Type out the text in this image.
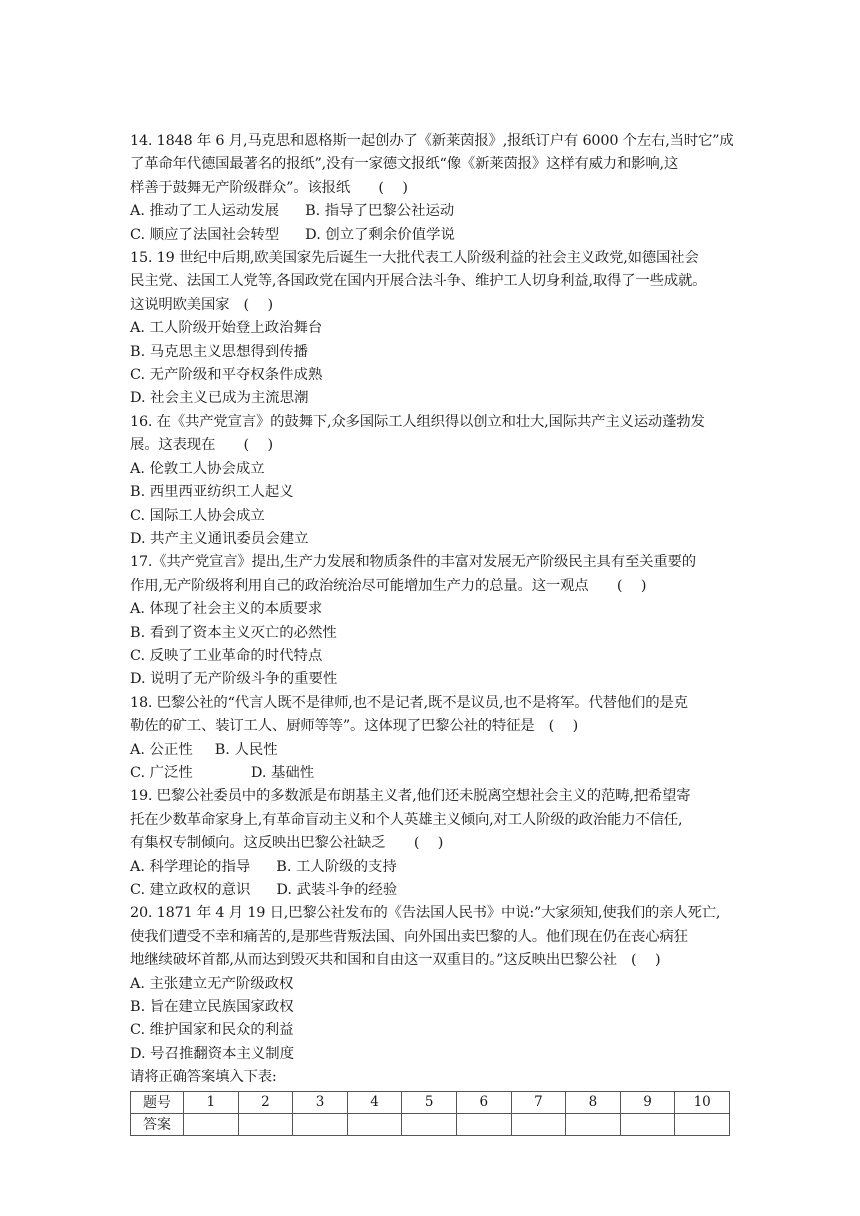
14. 1848 年 6 月,马克思和恩格斯一起创办了《新莱茵报》,报纸订户有 6000 个左右,当时它”成
了革命年代德国最著名的报纸”,没有一家德文报纸“像《新莱茵报》这样有威力和影响,这
样善于鼓舞无产阶级群众”。该报纸　　(　 )
A. 推动了工人运动发展 B. 指导了巴黎公社运动
C. 顺应了法国社会转型 D. 创立了剩余价值学说
15. 19 世纪中后期,欧美国家先后诞生一大批代表工人阶级利益的社会主义政党,如德国社会
民主党、法国工人党等,各国政党在国内开展合法斗争、维护工人切身利益,取得了一些成就。
这说明欧美国家　(　 )
A. 工人阶级开始登上政治舞台
B. 马克思主义思想得到传播
C. 无产阶级和平夺权条件成熟
D. 社会主义已成为主流思潮
16. 在《共产党宣言》的鼓舞下,众多国际工人组织得以创立和壮大,国际共产主义运动蓬勃发
展。这表现在　　(　 )
A. 伦敦工人协会成立
B. 西里西亚纺织工人起义
C. 国际工人协会成立
D. 共产主义通讯委员会建立
17.《共产党宣言》提出,生产力发展和物质条件的丰富对发展无产阶级民主具有至关重要的
作用,无产阶级将利用自己的政治统治尽可能增加生产力的总量。这一观点　　(　 )
A. 体现了社会主义的本质要求
B. 看到了资本主义灭亡的必然性
C. 反映了工业革命的时代特点
D. 说明了无产阶级斗争的重要性
18. 巴黎公社的“代言人既不是律师,也不是记者,既不是议员,也不是将军。代替他们的是克
勒佐的矿工、装订工人、厨师等等”。这体现了巴黎公社的特征是　(　 )
A. 公正性 B. 人民性
C. 广泛性	D. 基础性
19. 巴黎公社委员中的多数派是布朗基主义者,他们还未脱离空想社会主义的范畴,把希望寄
托在少数革命家身上,有革命盲动主义和个人英雄主义倾向,对工人阶级的政治能力不信任,
有集权专制倾向。这反映出巴黎公社缺乏　　(　 )
A. 科学理论的指导 B. 工人阶级的支持
C. 建立政权的意识 D. 武装斗争的经验
20. 1871 年 4 月 19 日,巴黎公社发布的《告法国人民书》中说:”大家须知,使我们的亲人死亡,
使我们遭受不幸和痛苦的,是那些背叛法国、向外国出卖巴黎的人。他们现在仍在丧心病狂
地继续破坏首都,从而达到毁灭共和国和自由这一双重目的。”这反映出巴黎公社　(　 )
A. 主张建立无产阶级政权
B. 旨在建立民族国家政权
C. 维护国家和民众的利益
D. 号召推翻资本主义制度
请将正确答案填入下表:
题号	1	2	3	4	5	6	7	8	9	10
答案										
